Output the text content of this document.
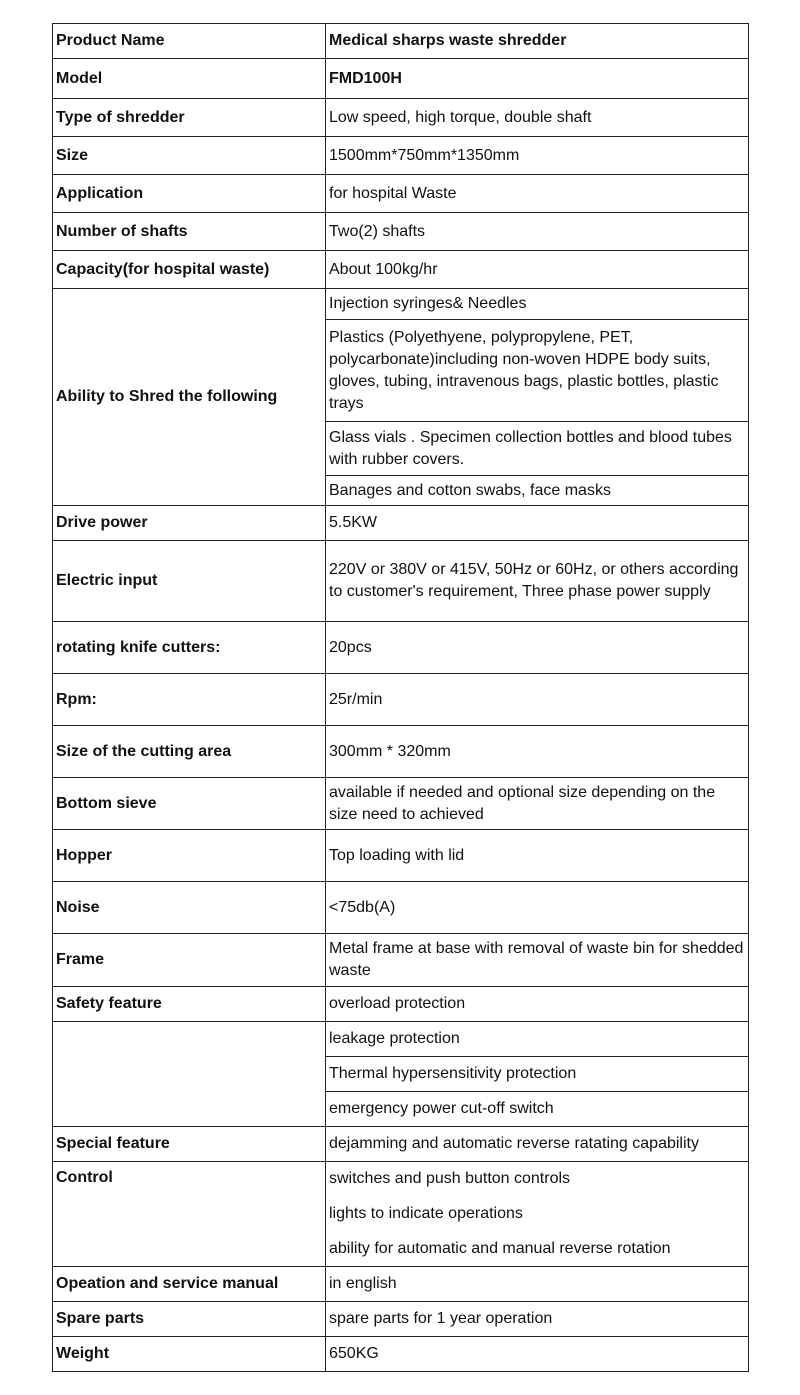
Product Name	Medical sharps waste shredder
Model	FMD100H
Type of shredder	Low speed, high torque, double shaft
Size	1500mm*750mm*1350mm
Application	for hospital Waste
Number of shafts	Two(2) shafts
Capacity(for hospital waste)	About 100kg/hr
Ability to Shred the following	Injection syringes& Needles
	Plastics (Polyethyene, polypropylene, PET, polycarbonate)including non-woven HDPE body suits, gloves, tubing, intravenous bags, plastic bottles, plastic trays
	Glass vials . Specimen collection bottles and blood tubes with rubber covers.
	Banages and cotton swabs, face masks
Drive power	5.5KW
Electric input	220V or 380V or 415V, 50Hz or 60Hz, or others according to customer's requirement, Three phase power supply
rotating knife cutters:	20pcs
Rpm:	25r/min
Size of the cutting area	300mm * 320mm
Bottom sieve	available if needed and optional size depending on the size need to achieved
Hopper	Top loading with lid
Noise	<75db(A)
Frame	Metal frame at base with removal of waste bin for shedded waste
Safety feature	overload protection
	leakage protection
	Thermal hypersensitivity protection
	emergency power cut-off switch
Special feature	dejamming and automatic reverse ratating capability
Control	switches and push button controls
	lights to indicate operations
	ability for automatic and manual reverse rotation
Opeation and service manual	in english
Spare parts	spare parts for 1 year operation
Weight	650KG
